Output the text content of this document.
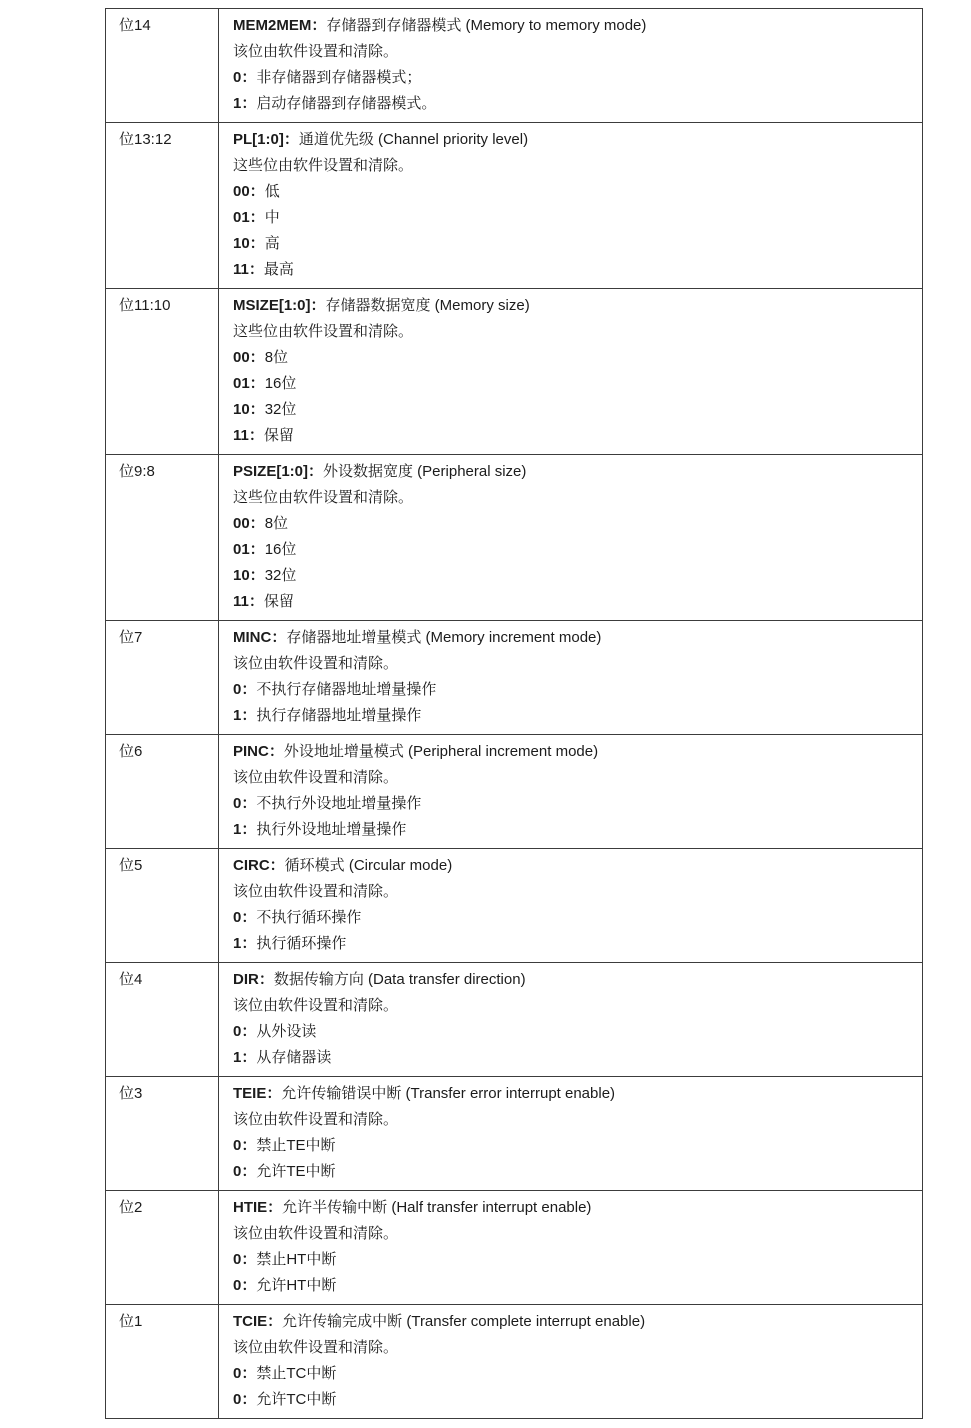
位14	MEM2MEM：存储器到存储器模式 (Memory to memory mode)
该位由软件设置和清除。
0：非存储器到存储器模式；
1：启动存储器到存储器模式。

位13:12	PL[1:0]：通道优先级 (Channel priority level)
这些位由软件设置和清除。
00：低
01：中
10：高
11：最高

位11:10	MSIZE[1:0]：存储器数据宽度 (Memory size)
这些位由软件设置和清除。
00：8位
01：16位
10：32位
11：保留

位9:8	PSIZE[1:0]：外设数据宽度 (Peripheral size)
这些位由软件设置和清除。
00：8位
01：16位
10：32位
11：保留

位7	MINC：存储器地址增量模式 (Memory increment mode)
该位由软件设置和清除。
0：不执行存储器地址增量操作
1：执行存储器地址增量操作

位6	PINC：外设地址增量模式 (Peripheral increment mode)
该位由软件设置和清除。
0：不执行外设地址增量操作
1：执行外设地址增量操作

位5	CIRC：循环模式 (Circular mode)
该位由软件设置和清除。
0：不执行循环操作
1：执行循环操作

位4	DIR：数据传输方向 (Data transfer direction)
该位由软件设置和清除。
0：从外设读
1：从存储器读

位3	TEIE：允许传输错误中断 (Transfer error interrupt enable)
该位由软件设置和清除。
0：禁止TE中断
0：允许TE中断

位2	HTIE：允许半传输中断 (Half transfer interrupt enable)
该位由软件设置和清除。
0：禁止HT中断
0：允许HT中断

位1	TCIE：允许传输完成中断 (Transfer complete interrupt enable)
该位由软件设置和清除。
0：禁止TC中断
0：允许TC中断
